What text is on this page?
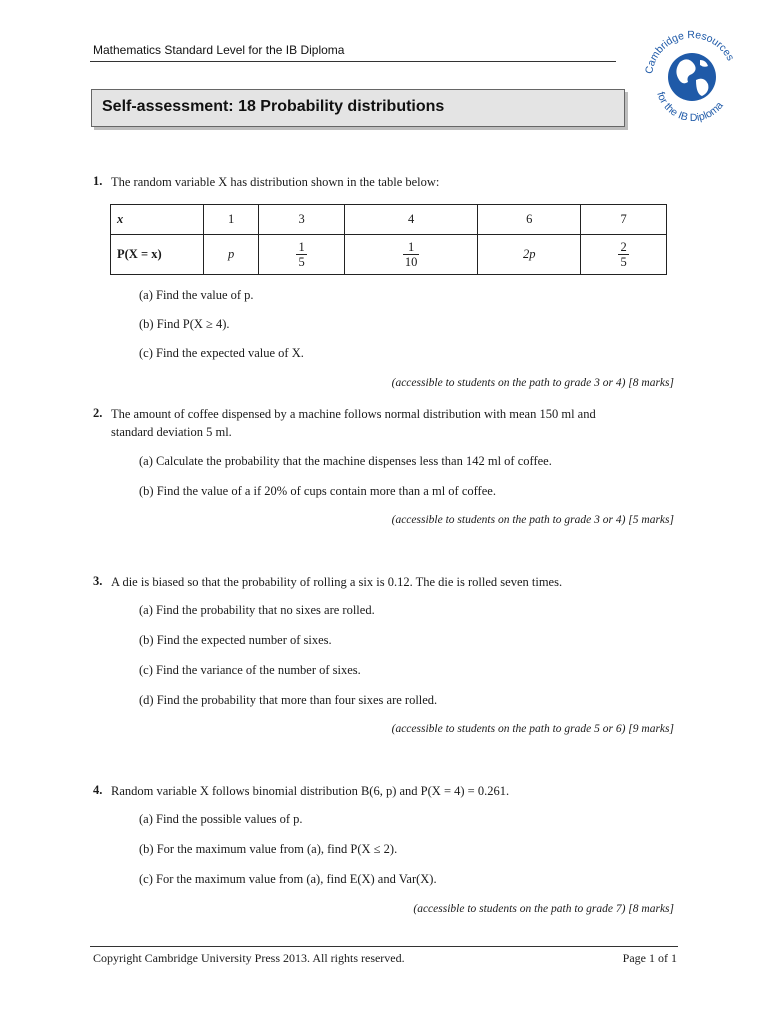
Mathematics Standard Level for the IB Diploma
Cambridge Resources
for the IB Diploma
Self-assessment: 18 Probability distributions
1. The random variable X has distribution shown in the table below:
x	1	3	4	6	7
P(X = x)	p	$\frac{1}{5}$	$\frac{1}{10}$	2p	$\frac{2}{5}$
(a) Find the value of p.
(b) Find P(X ≥ 4).
(c) Find the expected value of X.
(accessible to students on the path to grade 3 or 4) [8 marks]
2. The amount of coffee dispensed by a machine follows normal distribution with mean 150 ml and
standard deviation 5 ml.
(a) Calculate the probability that the machine dispenses less than 142 ml of coffee.
(b) Find the value of a if 20% of cups contain more than a ml of coffee.
(accessible to students on the path to grade 3 or 4) [5 marks]
3. A die is biased so that the probability of rolling a six is 0.12. The die is rolled seven times.
(a) Find the probability that no sixes are rolled.
(b) Find the expected number of sixes.
(c) Find the variance of the number of sixes.
(d) Find the probability that more than four sixes are rolled.
(accessible to students on the path to grade 5 or 6) [9 marks]
4. Random variable X follows binomial distribution B(6, p) and P(X = 4) = 0.261.
(a) Find the possible values of p.
(b) For the maximum value from (a), find P(X ≤ 2).
(c) For the maximum value from (a), find E(X) and Var(X).
(accessible to students on the path to grade 7) [8 marks]
Copyright Cambridge University Press 2013. All rights reserved.	Page 1 of 1
